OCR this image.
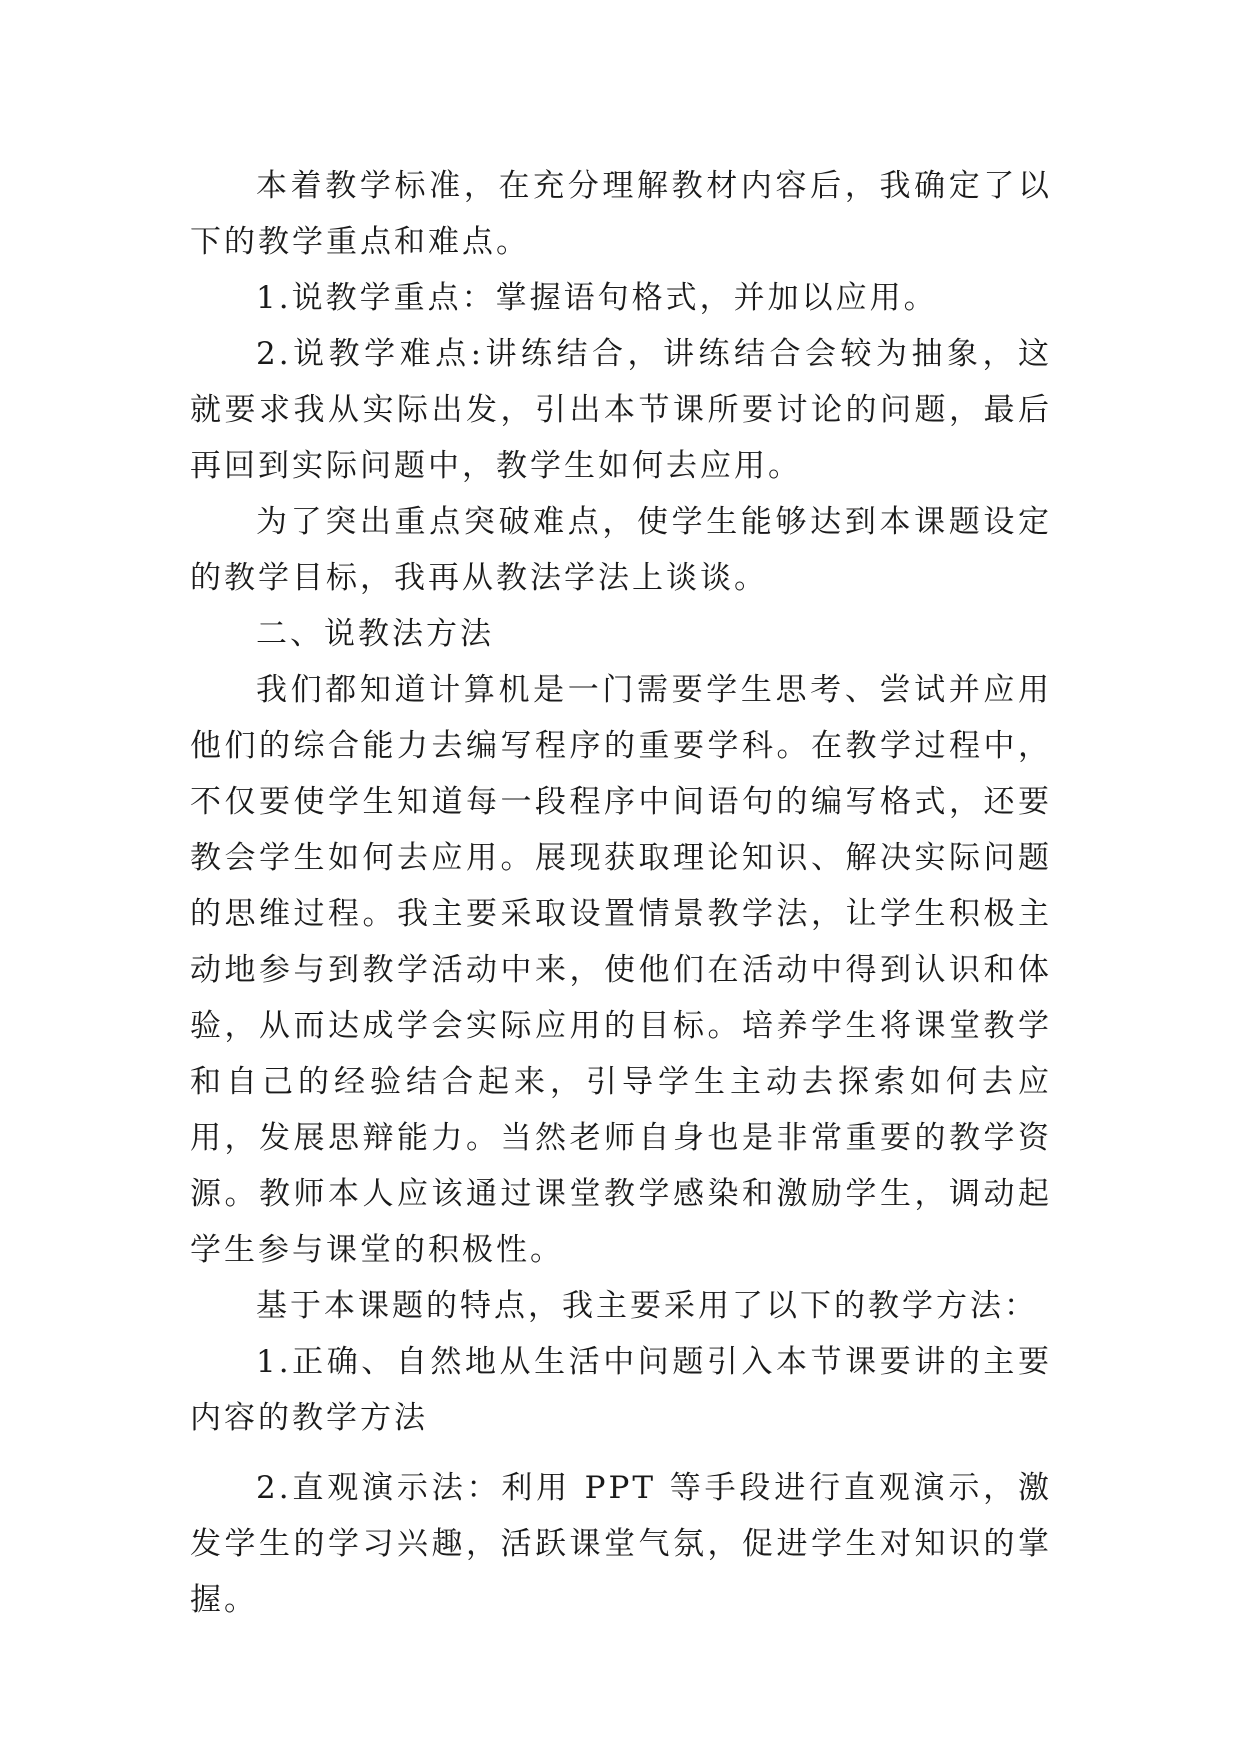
本着教学标准，在充分理解教材内容后，我确定了以下的教学重点和难点。

1.说教学重点：掌握语句格式，并加以应用。

2.说教学难点:讲练结合，讲练结合会较为抽象，这就要求我从实际出发，引出本节课所要讨论的问题，最后再回到实际问题中，教学生如何去应用。

为了突出重点突破难点，使学生能够达到本课题设定的教学目标，我再从教法学法上谈谈。

二、说教法方法

我们都知道计算机是一门需要学生思考、尝试并应用他们的综合能力去编写程序的重要学科。在教学过程中，不仅要使学生知道每一段程序中间语句的编写格式，还要教会学生如何去应用。展现获取理论知识、解决实际问题的思维过程。我主要采取设置情景教学法，让学生积极主动地参与到教学活动中来，使他们在活动中得到认识和体验，从而达成学会实际应用的目标。培养学生将课堂教学和自己的经验结合起来，引导学生主动去探索如何去应用，发展思辩能力。当然老师自身也是非常重要的教学资源。教师本人应该通过课堂教学感染和激励学生，调动起学生参与课堂的积极性。

基于本课题的特点，我主要采用了以下的教学方法：

1.正确、自然地从生活中问题引入本节课要讲的主要内容的教学方法

2.直观演示法：利用 PPT 等手段进行直观演示，激发学生的学习兴趣，活跃课堂气氛，促进学生对知识的掌握。
